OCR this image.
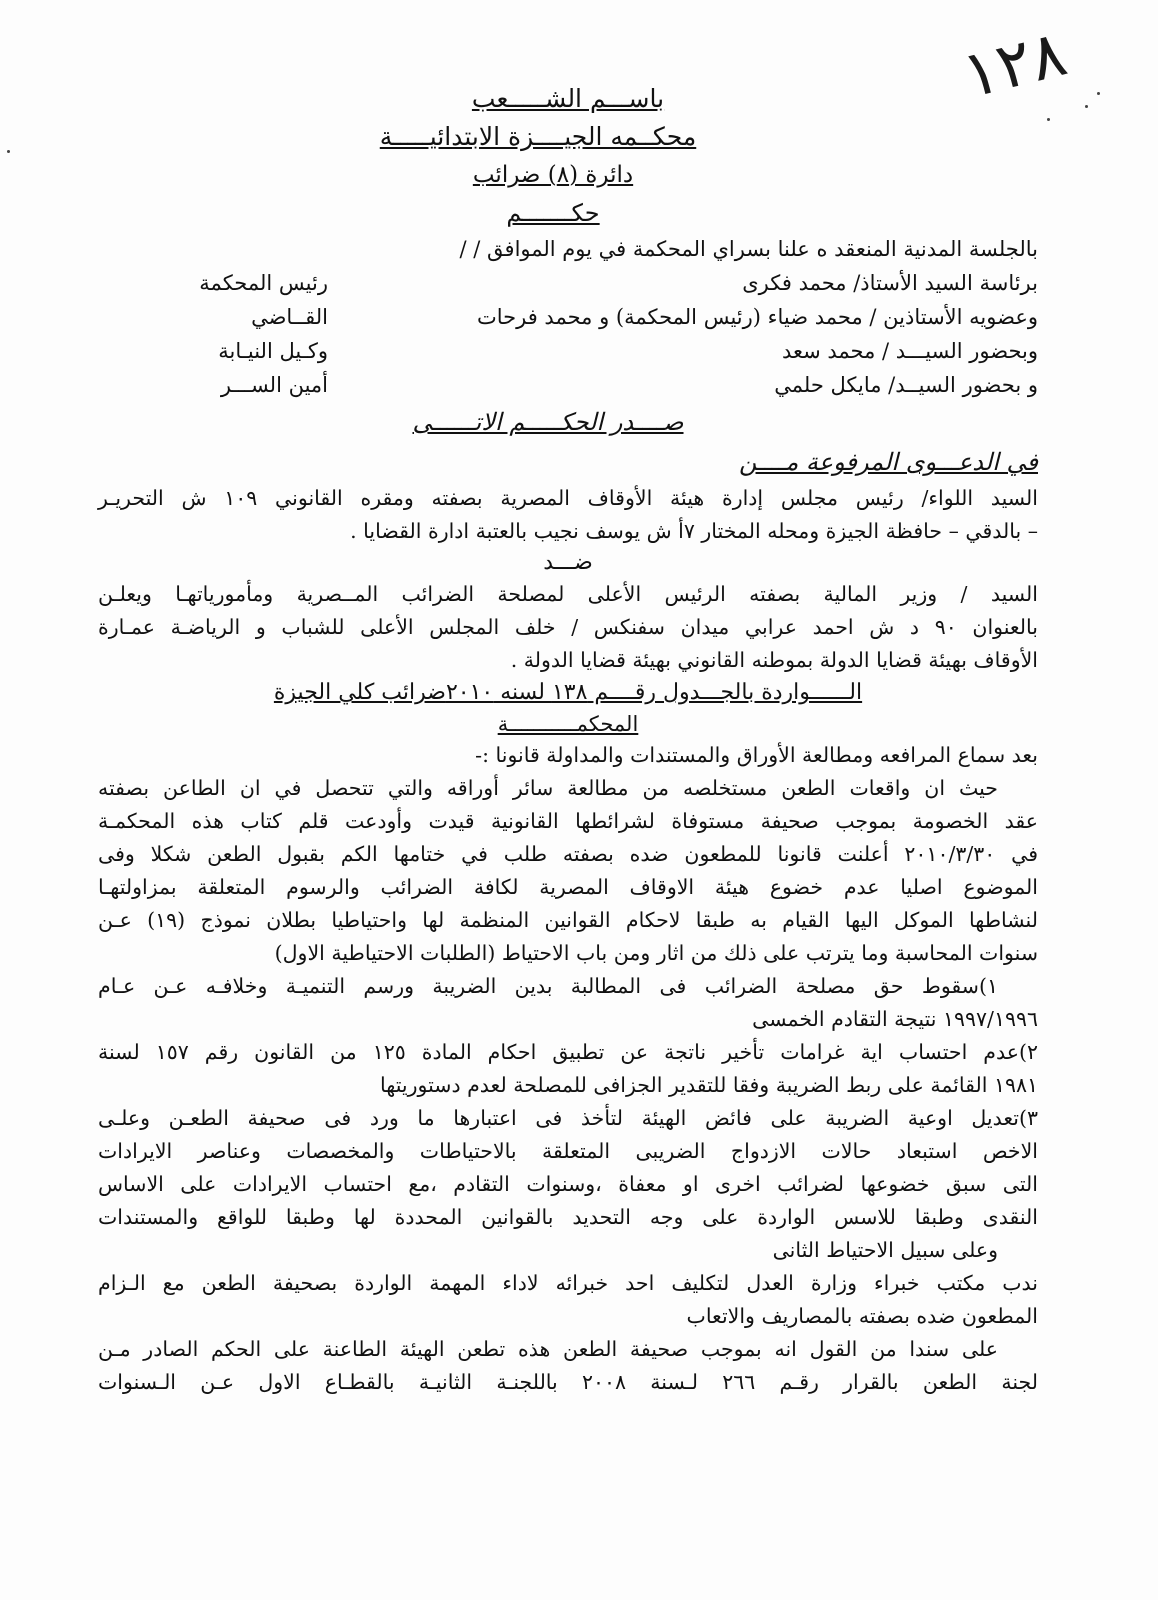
١٢٨
باســـم الشـــــعب
محكــمه الجيــــزة الابتدائيـــــة
دائرة (٨) ضرائب
حكـــــــم
بالجلسة المدنية المنعقد ه علنا بسراي المحكمة في يوم الموافق / /
برئاسة السيد الأستاذ/ محمد فكرى
رئيس المحكمة
وعضويه الأستاذين / محمد ضياء (رئيس المحكمة) و محمد فرحات
القــاضي
وبحضور السيـــد / محمد سعد
وكـيل النيـابة
و بحضور السيــد/ مايكل حلمي
أمين الســـر
صــــدر الحكـــــم الاتــــــى
في الدعـــوى المرفوعة مــــن
السيد اللواء/ رئيس مجلس إدارة هيئة الأوقاف المصرية بصفته ومقره القانوني ١٠٩ ش التحريـر
– بالدقي – حافظة الجيزة ومحله المختار ٧أ ش يوسف نجيب بالعتبة ادارة القضايا .
ضـــد
السيد / وزير المالية بصفته الرئيس الأعلى لمصلحة الضرائب المــصرية ومأمورياتهـا ويعلـن
بالعنوان ٩٠ د ش احمد عرابي ميدان سفنكس / خلف المجلس الأعلى للشباب و الرياضـة عمـارة
الأوقاف بهيئة قضايا الدولة بموطنه القانوني بهيئة قضايا الدولة .
الــــــواردة بالجـــدول رقــــم ١٣٨ لسنه ٢٠١٠ضرائب كلي الجيزة
المحكمـــــــــــة
بعد سماع المرافعه ومطالعة الأوراق والمستندات والمداولة قانونا :-
حيث ان واقعات الطعن مستخلصه من مطالعة سائر أوراقه والتي تتحصل في ان الطاعن بصفته
عقد الخصومة بموجب صحيفة مستوفاة لشرائطها القانونية قيدت وأودعت قلم كتاب هذه المحكمـة
في ٢٠١٠/٣/٣٠ أعلنت قانونا للمطعون ضده بصفته طلب في ختامها الكم بقبول الطعن شكلا وفى
الموضوع اصليا عدم خضوع هيئة الاوقاف المصرية لكافة الضرائب والرسوم المتعلقة بمزاولتهـا
لنشاطها الموكل اليها القيام به طبقا لاحكام القوانين المنظمة لها واحتياطيا بطلان نموذج (١٩) عـن
سنوات المحاسبة وما يترتب على ذلك من اثار ومن باب الاحتياط (الطلبات الاحتياطية الاول)
١)سقوط حق مصلحة الضرائب فى المطالبة بدين الضريبة ورسم التنميـة وخلافـه عـن عـام
١٩٩٧/١٩٩٦ نتيجة التقادم الخمسى
٢)عدم احتساب اية غرامات تأخير ناتجة عن تطبيق احكام المادة ١٢٥ من القانون رقم ١٥٧ لسنة
١٩٨١ القائمة على ربط الضريبة وفقا للتقدير الجزافى للمصلحة لعدم دستوريتها
٣)تعديل اوعية الضريبة على فائض الهيئة لتأخذ فى اعتبارها ما ورد فى صحيفة الطعـن وعلـى
الاخص استبعاد حالات الازدواج الضريبى المتعلقة بالاحتياطات والمخصصات وعناصر الايرادات
التى سبق خضوعها لضرائب اخرى او معفاة ،وسنوات التقادم ،مع احتساب الايرادات على الاساس
النقدى وطبقا للاسس الواردة على وجه التحديد بالقوانين المحددة لها وطبقا للواقع والمستندات
وعلى سبيل الاحتياط الثانى
ندب مكتب خبراء وزارة العدل لتكليف احد خبرائه لاداء المهمة الواردة بصحيفة الطعن مع الـزام
المطعون ضده بصفته بالمصاريف والاتعاب
على سندا من القول انه بموجب صحيفة الطعن هذه تطعن الهيئة الطاعنة على الحكم الصادر مـن
لجنة الطعن بالقرار رقـم ٢٦٦ لـسنة ٢٠٠٨ باللجنـة الثانيـة بالقطـاع الاول عـن الـسنوات
